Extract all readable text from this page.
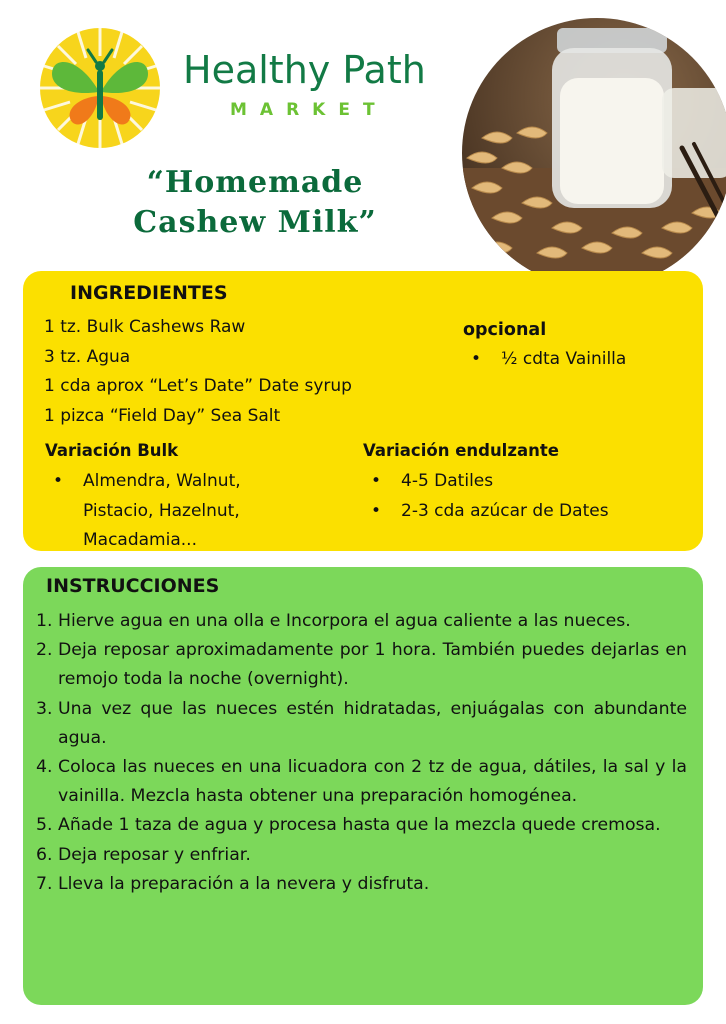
Healthy Path
MARKET
“Homemade
Cashew Milk”
INGREDIENTES
1 tz. Bulk Cashews Raw
3 tz. Agua
1 cda aprox “Let’s Date” Date syrup
1 pizca “Field Day” Sea Salt
opcional
• ½ cdta Vainilla
Variación Bulk
• Almendra, Walnut,
Pistacio, Hazelnut,
Macadamia...
Variación endulzante
• 4-5 Datiles
• 2-3 cda azúcar de Dates
INSTRUCCIONES
1. Hierve agua en una olla e Incorpora el agua caliente a las nueces.
2. Deja reposar aproximadamente por 1 hora. También puedes dejarlas en remojo toda la noche (overnight).
3. Una vez que las nueces estén hidratadas, enjuágalas con abundante agua.
4. Coloca las nueces en una licuadora con 2 tz de agua, dátiles, la sal y la vainilla. Mezcla hasta obtener una preparación homogénea.
5. Añade 1 taza de agua y procesa hasta que la mezcla quede cremosa.
6. Deja reposar y enfriar.
7. Lleva la preparación a la nevera y disfruta.
